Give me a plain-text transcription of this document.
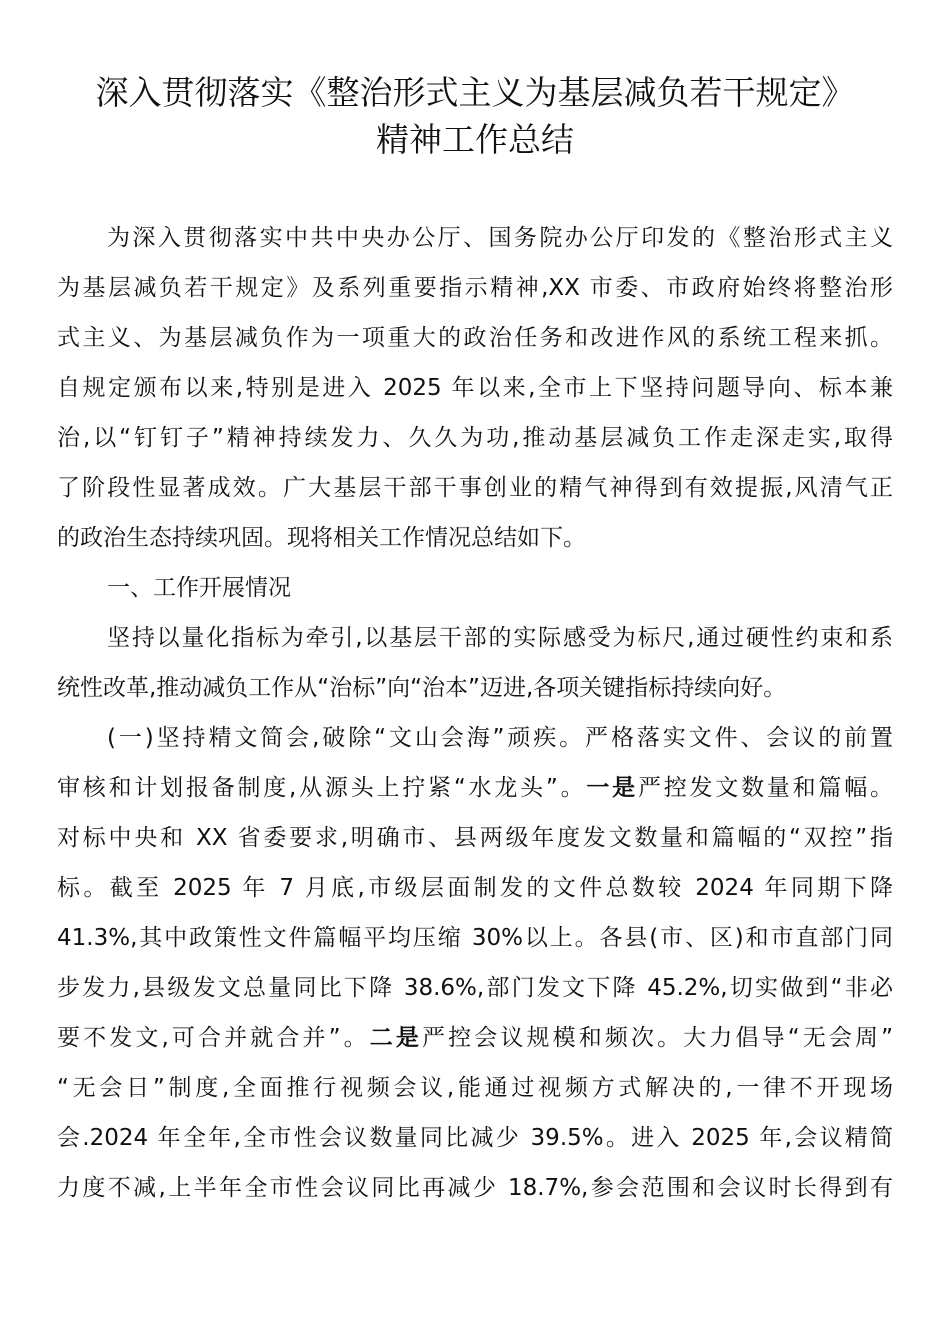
深入贯彻落实《整治形式主义为基层减负若干规定》
精神工作总结
为深入贯彻落实中共中央办公厅、国务院办公厅印发的《整治形式主义
为基层减负若干规定》及系列重要指示精神,XX 市委、市政府始终将整治形
式主义、为基层减负作为一项重大的政治任务和改进作风的系统工程来抓。
自规定颁布以来,特别是进入 2025 年以来,全市上下坚持问题导向、标本兼
治,以“钉钉子”精神持续发力、久久为功,推动基层减负工作走深走实,取得
了阶段性显著成效。广大基层干部干事创业的精气神得到有效提振,风清气正
的政治生态持续巩固。现将相关工作情况总结如下。
一、工作开展情况
坚持以量化指标为牵引,以基层干部的实际感受为标尺,通过硬性约束和系
统性改革,推动减负工作从“治标”向“治本”迈进,各项关键指标持续向好。
(一)坚持精文简会,破除“文山会海”顽疾。严格落实文件、会议的前置
审核和计划报备制度,从源头上拧紧“水龙头”。一是严控发文数量和篇幅。
对标中央和 XX 省委要求,明确市、县两级年度发文数量和篇幅的“双控”指
标。截至 2025 年 7 月底,市级层面制发的文件总数较 2024 年同期下降
41.3%,其中政策性文件篇幅平均压缩 30%以上。各县(市、区)和市直部门同
步发力,县级发文总量同比下降 38.6%,部门发文下降 45.2%,切实做到“非必
要不发文,可合并就合并”。二是严控会议规模和频次。大力倡导“无会周”
“无会日”制度,全面推行视频会议,能通过视频方式解决的,一律不开现场
会.2024 年全年,全市性会议数量同比减少 39.5%。进入 2025 年,会议精简
力度不减,上半年全市性会议同比再减少 18.7%,参会范围和会议时长得到有
